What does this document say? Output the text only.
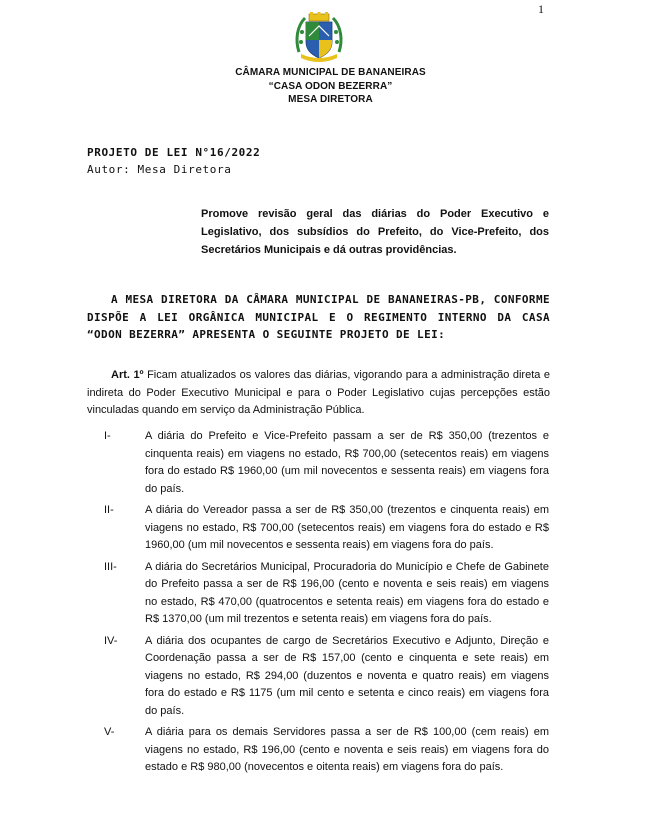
1
CÂMARA MUNICIPAL DE BANANEIRAS
“CASA ODON BEZERRA”
MESA DIRETORA
PROJETO DE LEI N°16/2022
Autor: Mesa Diretora
Promove revisão geral das diárias do Poder Executivo e Legislativo, dos subsídios do Prefeito, do Vice-Prefeito, dos Secretários Municipais e dá outras providências.
A MESA DIRETORA DA CÂMARA MUNICIPAL DE BANANEIRAS-PB, CONFORME DISPÕE A LEI ORGÂNICA MUNICIPAL E O REGIMENTO INTERNO DA CASA “ODON BEZERRA” APRESENTA O SEGUINTE PROJETO DE LEI:
Art. 1º Ficam atualizados os valores das diárias, vigorando para a administração direta e indireta do Poder Executivo Municipal e para o Poder Legislativo cujas percepções estão vinculadas quando em serviço da Administração Pública.
I-	A diária do Prefeito e Vice-Prefeito passam a ser de R$ 350,00 (trezentos e cinquenta reais) em viagens no estado, R$ 700,00 (setecentos reais) em viagens fora do estado R$ 1960,00 (um mil novecentos e sessenta reais) em viagens fora do país.
II-	A diária do Vereador passa a ser de R$ 350,00 (trezentos e cinquenta reais) em viagens no estado, R$ 700,00 (setecentos reais) em viagens fora do estado e R$ 1960,00 (um mil novecentos e sessenta reais) em viagens fora do país.
III-	A diária do Secretários Municipal, Procuradoria do Município e Chefe de Gabinete do Prefeito passa a ser de R$ 196,00 (cento e noventa e seis reais) em viagens no estado, R$ 470,00 (quatrocentos e setenta reais) em viagens fora do estado e R$ 1370,00 (um mil trezentos e setenta reais) em viagens fora do país.
IV-	A diária dos ocupantes de cargo de Secretários Executivo e Adjunto, Direção e Coordenação passa a ser de R$ 157,00 (cento e cinquenta e sete reais) em viagens no estado, R$ 294,00 (duzentos e noventa e quatro reais) em viagens fora do estado e R$ 1175 (um mil cento e setenta e cinco reais) em viagens fora do país.
V-	A diária para os demais Servidores passa a ser de R$ 100,00 (cem reais) em viagens no estado, R$ 196,00 (cento e noventa e seis reais) em viagens fora do estado e R$ 980,00 (novecentos e oitenta reais) em viagens fora do país.
